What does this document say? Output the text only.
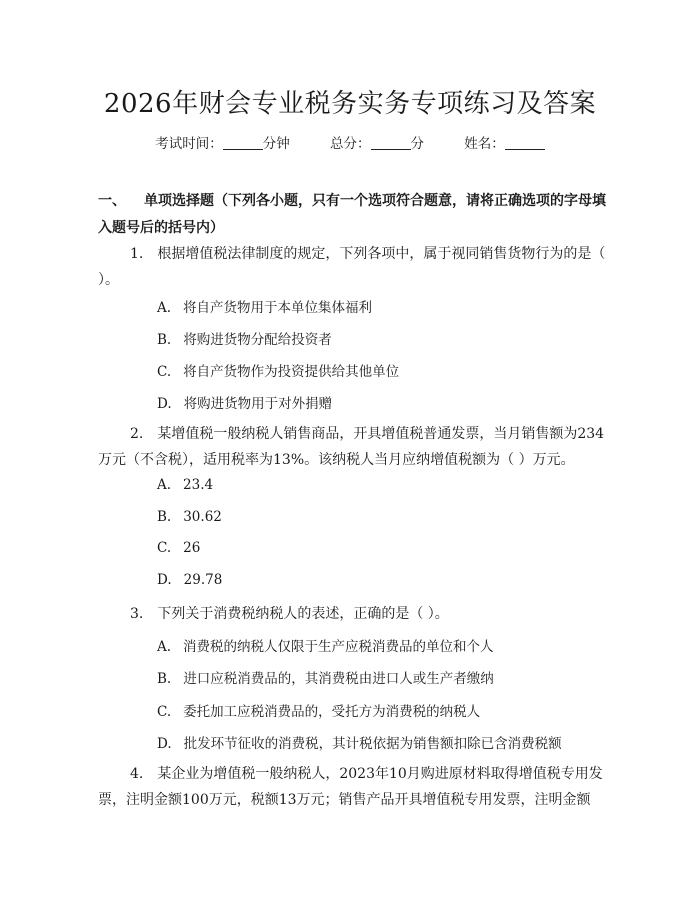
2026年财会专业税务实务专项练习及答案
考试时间：	分钟	总分：	分	姓名：
一、 单项选择题（下列各小题，只有一个选项符合题意，请将正确选项的字母填入题号后的括号内）
1. 根据增值税法律制度的规定，下列各项中，属于视同销售货物行为的是（ ）。
A. 将自产货物用于本单位集体福利
B. 将购进货物分配给投资者
C. 将自产货物作为投资提供给其他单位
D. 将购进货物用于对外捐赠
2. 某增值税一般纳税人销售商品，开具增值税普通发票，当月销售额为234万元（不含税），适用税率为13%。该纳税人当月应纳增值税额为（ ）万元。
A. 23.4
B. 30.62
C. 26
D. 29.78
3. 下列关于消费税纳税人的表述，正确的是（ ）。
A. 消费税的纳税人仅限于生产应税消费品的单位和个人
B. 进口应税消费品的，其消费税由进口人或生产者缴纳
C. 委托加工应税消费品的，受托方为消费税的纳税人
D. 批发环节征收的消费税，其计税依据为销售额扣除已含消费税额
4. 某企业为增值税一般纳税人，2023年10月购进原材料取得增值税专用发票，注明金额100万元，税额13万元；销售产品开具增值税专用发票，注明金额
